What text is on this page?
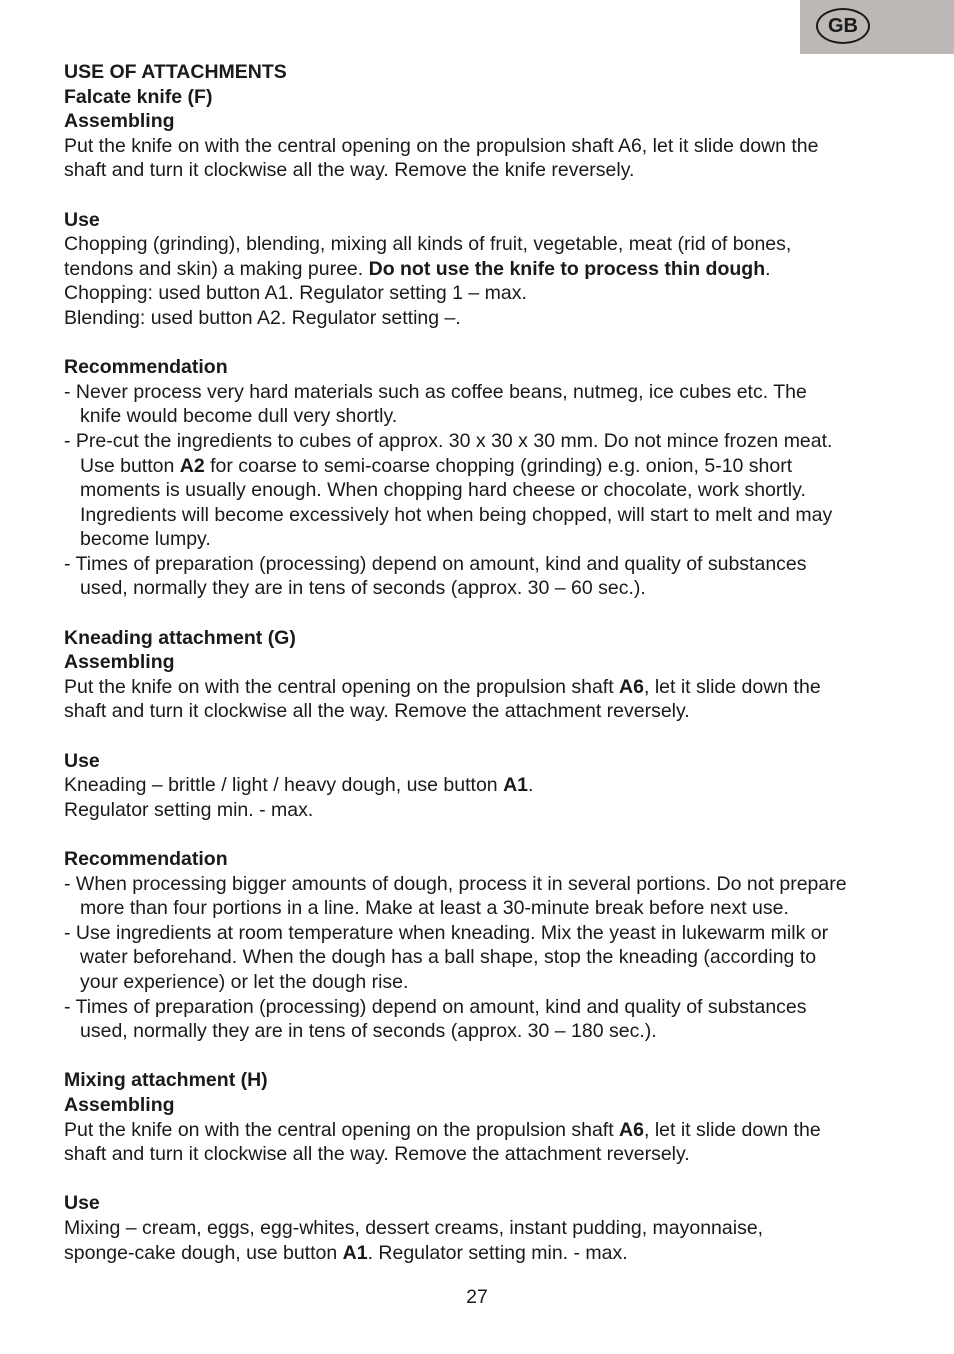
GB
USE OF ATTACHMENTS
Falcate knife (F)
Assembling
Put the knife on with the central opening on the propulsion shaft A6, let it slide down the
shaft and turn it clockwise all the way. Remove the knife reversely.
Use
Chopping (grinding), blending, mixing all kinds of fruit, vegetable, meat (rid of bones,
tendons and skin) a making puree. Do not use the knife to process thin dough.
Chopping: used button A1. Regulator setting 1 – max.
Blending: used button A2. Regulator setting –.
Recommendation
- Never process very hard materials such as coffee beans, nutmeg, ice cubes etc. The
knife would become dull very shortly.
- Pre-cut the ingredients to cubes of approx. 30 x 30 x 30 mm. Do not mince frozen meat.
Use button A2 for coarse to semi-coarse chopping (grinding) e.g. onion, 5-10 short
moments is usually enough. When chopping hard cheese or chocolate, work shortly.
Ingredients will become excessively hot when being chopped, will start to melt and may
become lumpy.
- Times of preparation (processing) depend on amount, kind and quality of substances
used, normally they are in tens of seconds (approx. 30 – 60 sec.).
Kneading attachment (G)
Assembling
Put the knife on with the central opening on the propulsion shaft A6, let it slide down the
shaft and turn it clockwise all the way. Remove the attachment reversely.
Use
Kneading – brittle / light / heavy dough, use button A1.
Regulator setting min. - max.
Recommendation
- When processing bigger amounts of dough, process it in several portions. Do not prepare
more than four portions in a line. Make at least a 30-minute break before next use.
- Use ingredients at room temperature when kneading. Mix the yeast in lukewarm milk or
water beforehand. When the dough has a ball shape, stop the kneading (according to
your experience) or let the dough rise.
- Times of preparation (processing) depend on amount, kind and quality of substances
used, normally they are in tens of seconds (approx. 30 – 180 sec.).
Mixing attachment (H)
Assembling
Put the knife on with the central opening on the propulsion shaft A6, let it slide down the
shaft and turn it clockwise all the way. Remove the attachment reversely.
Use
Mixing – cream, eggs, egg-whites, dessert creams, instant pudding, mayonnaise,
sponge-cake dough, use button A1. Regulator setting min. - max.
27
